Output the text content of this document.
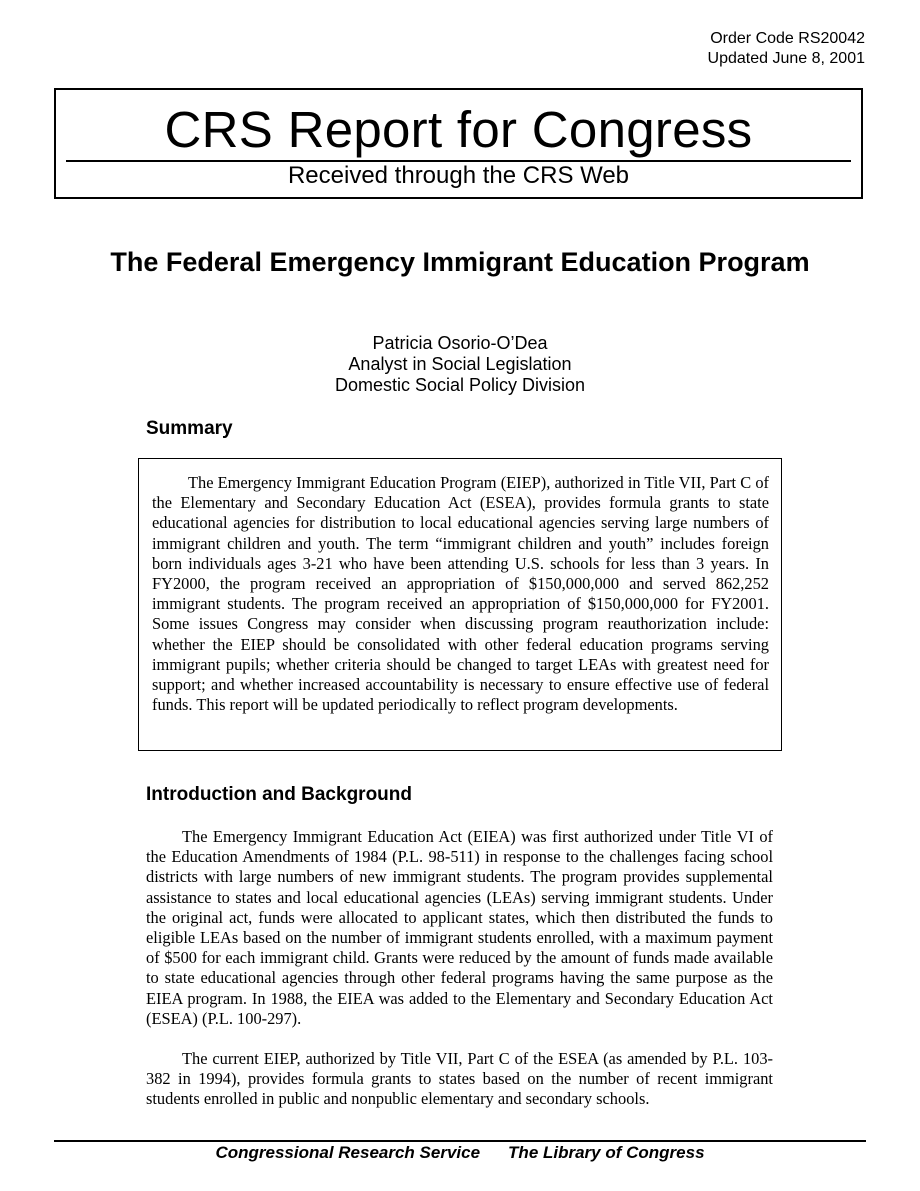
Order Code RS20042
Updated June 8, 2001
CRS Report for Congress
Received through the CRS Web
The Federal Emergency Immigrant Education Program
Patricia Osorio-O’Dea
Analyst in Social Legislation
Domestic Social Policy Division
Summary

The Emergency Immigrant Education Program (EIEP), authorized in Title VII, Part C of the Elementary and Secondary Education Act (ESEA), provides formula grants to state educational agencies for distribution to local educational agencies serving large numbers of immigrant children and youth. The term “immigrant children and youth” includes foreign born individuals ages 3-21 who have been attending U.S. schools for less than 3 years. In FY2000, the program received an appropriation of $150,000,000 and served 862,252 immigrant students. The program received an appropriation of $150,000,000 for FY2001. Some issues Congress may consider when discussing program reauthorization include: whether the EIEP should be consolidated with other federal education programs serving immigrant pupils; whether criteria should be changed to target LEAs with greatest need for support; and whether increased accountability is necessary to ensure effective use of federal funds. This report will be updated periodically to reflect program developments.

Introduction and Background

The Emergency Immigrant Education Act (EIEA) was first authorized under Title VI of the Education Amendments of 1984 (P.L. 98-511) in response to the challenges facing school districts with large numbers of new immigrant students. The program provides supplemental assistance to states and local educational agencies (LEAs) serving immigrant students. Under the original act, funds were allocated to applicant states, which then distributed the funds to eligible LEAs based on the number of immigrant students enrolled, with a maximum payment of $500 for each immigrant child. Grants were reduced by the amount of funds made available to state educational agencies through other federal programs having the same purpose as the EIEA program. In 1988, the EIEA was added to the Elementary and Secondary Education Act (ESEA) (P.L. 100-297).

The current EIEP, authorized by Title VII, Part C of the ESEA (as amended by P.L. 103-382 in 1994), provides formula grants to states based on the number of recent immigrant students enrolled in public and nonpublic elementary and secondary schools.

Congressional Research Service The Library of Congress
